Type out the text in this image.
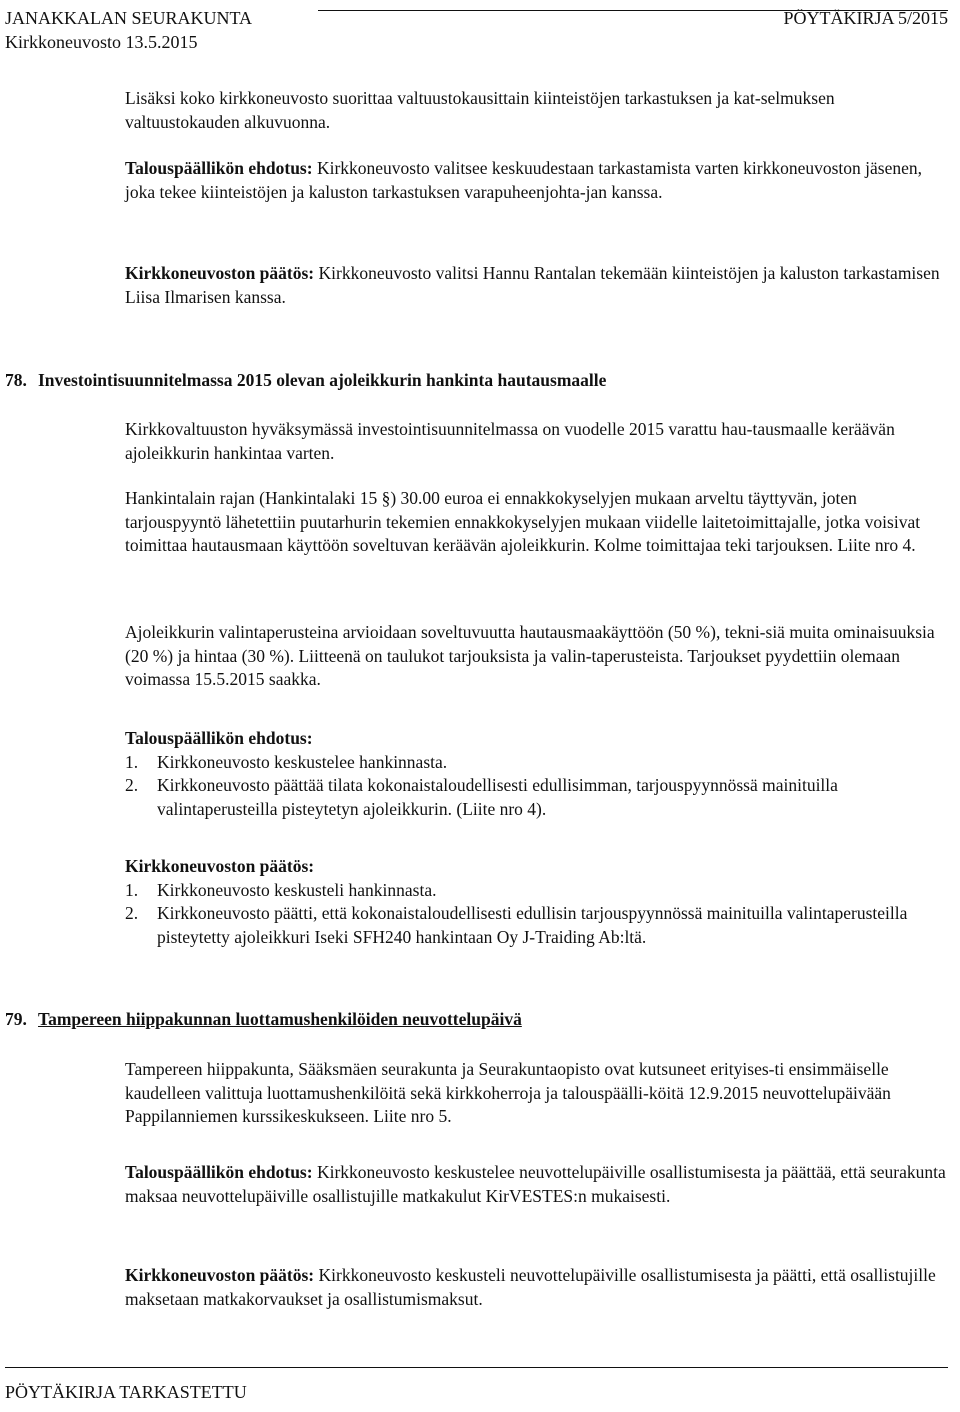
JANAKKALAN SEURAKUNTA	PÖYTÄKIRJA 5/2015
Kirkkoneuvosto 13.5.2015

Lisäksi koko kirkkoneuvosto suorittaa valtuustokausittain kiinteistöjen tarkastuksen ja kat-selmuksen valtuustokauden alkuvuonna.

Talouspäällikön ehdotus: Kirkkoneuvosto valitsee keskuudestaan tarkastamista varten kirkkoneuvoston jäsenen, joka tekee kiinteistöjen ja kaluston tarkastuksen varapuheenjohta-jan kanssa.

Kirkkoneuvoston päätös: Kirkkoneuvosto valitsi Hannu Rantalan tekemään kiinteistöjen ja kaluston tarkastamisen Liisa Ilmarisen kanssa.

78. Investointisuunnitelmassa 2015 olevan ajoleikkurin hankinta hautausmaalle

Kirkkovaltuuston hyväksymässä investointisuunnitelmassa on vuodelle 2015 varattu hau-tausmaalle keräävän ajoleikkurin hankintaa varten.

Hankintalain rajan (Hankintalaki 15 §) 30.00 euroa ei ennakkokyselyjen mukaan arveltu täyttyvän, joten tarjouspyyntö lähetettiin puutarhurin tekemien ennakkokyselyjen mukaan viidelle laitetoimittajalle, jotka voisivat toimittaa hautausmaan käyttöön soveltuvan keräävän ajoleikkurin. Kolme toimittajaa teki tarjouksen. Liite nro 4.

Ajoleikkurin valintaperusteina arvioidaan soveltuvuutta hautausmaakäyttöön (50 %), tekni-siä muita ominaisuuksia (20 %) ja hintaa (30 %). Liitteenä on taulukot tarjouksista ja valin-taperusteista. Tarjoukset pyydettiin olemaan voimassa 15.5.2015 saakka.

Talouspäällikön ehdotus:
1. Kirkkoneuvosto keskustelee hankinnasta.
2. Kirkkoneuvosto päättää tilata kokonaistaloudellisesti edullisimman, tarjouspyynnössä mainituilla valintaperusteilla pisteytetyn ajoleikkurin. (Liite nro 4).
Kirkkoneuvoston päätös:
1. Kirkkoneuvosto keskusteli hankinnasta.
2. Kirkkoneuvosto päätti, että kokonaistaloudellisesti edullisin tarjouspyynnössä mainituilla valintaperusteilla pisteytetty ajoleikkuri Iseki SFH240 hankintaan Oy J-Traiding Ab:ltä.
79. Tampereen hiippakunnan luottamushenkilöiden neuvottelupäivä

Tampereen hiippakunta, Sääksmäen seurakunta ja Seurakuntaopisto ovat kutsuneet erityises-ti ensimmäiselle kaudelleen valittuja luottamushenkilöitä sekä kirkkoherroja ja talouspäälli-köitä 12.9.2015 neuvottelupäivään Pappilanniemen kurssikeskukseen. Liite nro 5.

Talouspäällikön ehdotus: Kirkkoneuvosto keskustelee neuvottelupäiville osallistumisesta ja päättää, että seurakunta maksaa neuvottelupäiville osallistujille matkakulut KirVESTES:n mukaisesti.

Kirkkoneuvoston päätös: Kirkkoneuvosto keskusteli neuvottelupäiville osallistumisesta ja päätti, että osallistujille maksetaan matkakorvaukset ja osallistumismaksut.

PÖYTÄKIRJA TARKASTETTU
